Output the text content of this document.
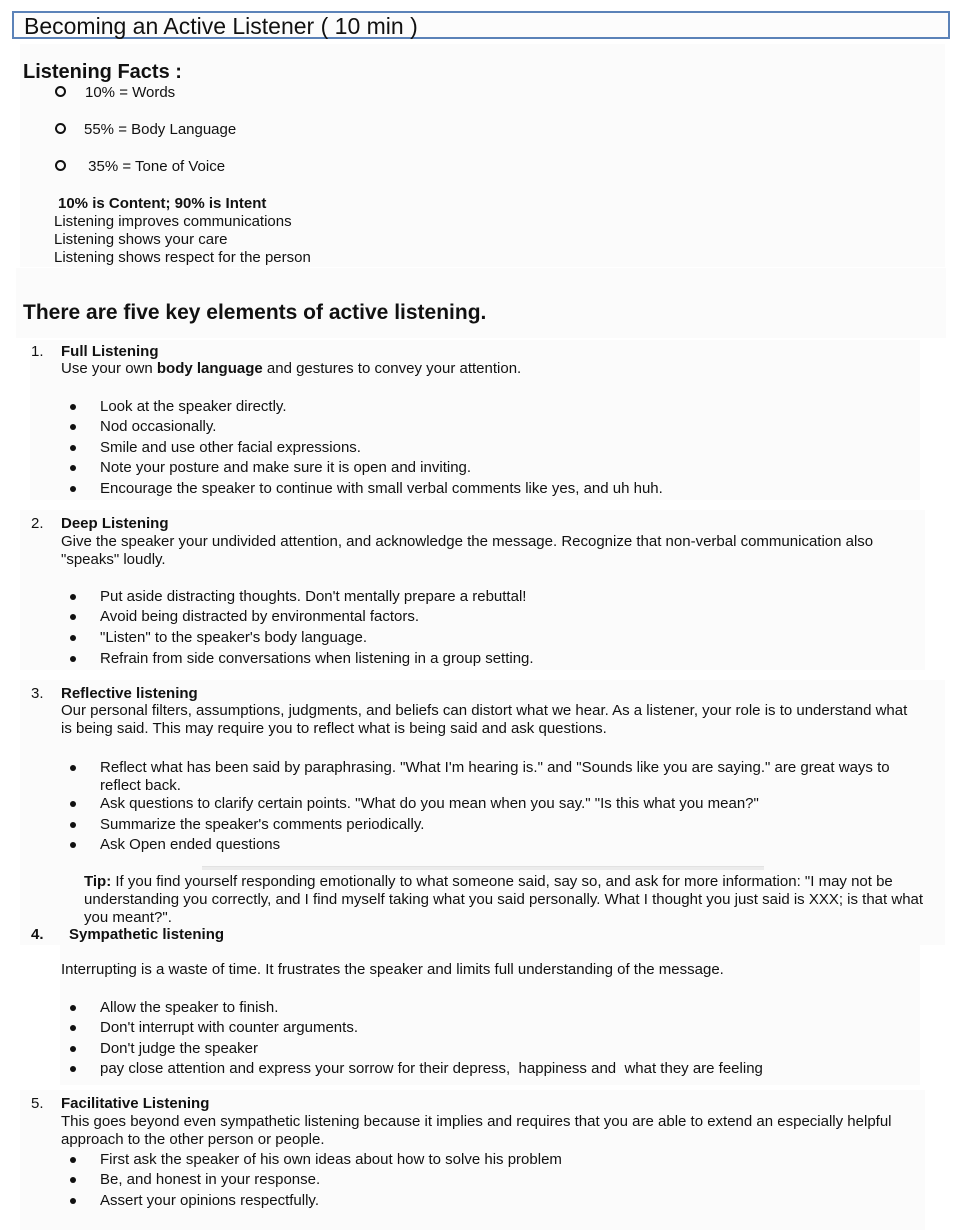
Becoming an Active Listener ( 10 min )
Listening Facts :
10% = Words
55% = Body Language
35% = Tone of Voice
10% is Content; 90% is Intent
Listening improves communications
Listening shows your care
Listening shows respect for the person
There are five key elements of active listening.
1. Full Listening
Use your own body language and gestures to convey your attention.
Look at the speaker directly.
Nod occasionally.
Smile and use other facial expressions.
Note your posture and make sure it is open and inviting.
Encourage the speaker to continue with small verbal comments like yes, and uh huh.
2. Deep Listening
Give the speaker your undivided attention, and acknowledge the message. Recognize that non-verbal communication also "speaks" loudly.
Put aside distracting thoughts. Don't mentally prepare a rebuttal!
Avoid being distracted by environmental factors.
"Listen" to the speaker's body language.
Refrain from side conversations when listening in a group setting.
3. Reflective listening
Our personal filters, assumptions, judgments, and beliefs can distort what we hear. As a listener, your role is to understand what is being said. This may require you to reflect what is being said and ask questions.
Reflect what has been said by paraphrasing. "What I'm hearing is." and "Sounds like you are saying." are great ways to reflect back.
Ask questions to clarify certain points. "What do you mean when you say." "Is this what you mean?"
Summarize the speaker's comments periodically.
Ask Open ended questions
Tip: If you find yourself responding emotionally to what someone said, say so, and ask for more information: "I may not be understanding you correctly, and I find myself taking what you said personally. What I thought you just said is XXX; is that what you meant?".
4. Sympathetic listening
Interrupting is a waste of time. It frustrates the speaker and limits full understanding of the message.
Allow the speaker to finish.
Don't interrupt with counter arguments.
Don't judge the speaker
pay close attention and express your sorrow for their depress,  happiness and  what they are feeling
5. Facilitative Listening
This goes beyond even sympathetic listening because it implies and requires that you are able to extend an especially helpful approach to the other person or people.
First ask the speaker of his own ideas about how to solve his problem
Be, and honest in your response.
Assert your opinions respectfully.
